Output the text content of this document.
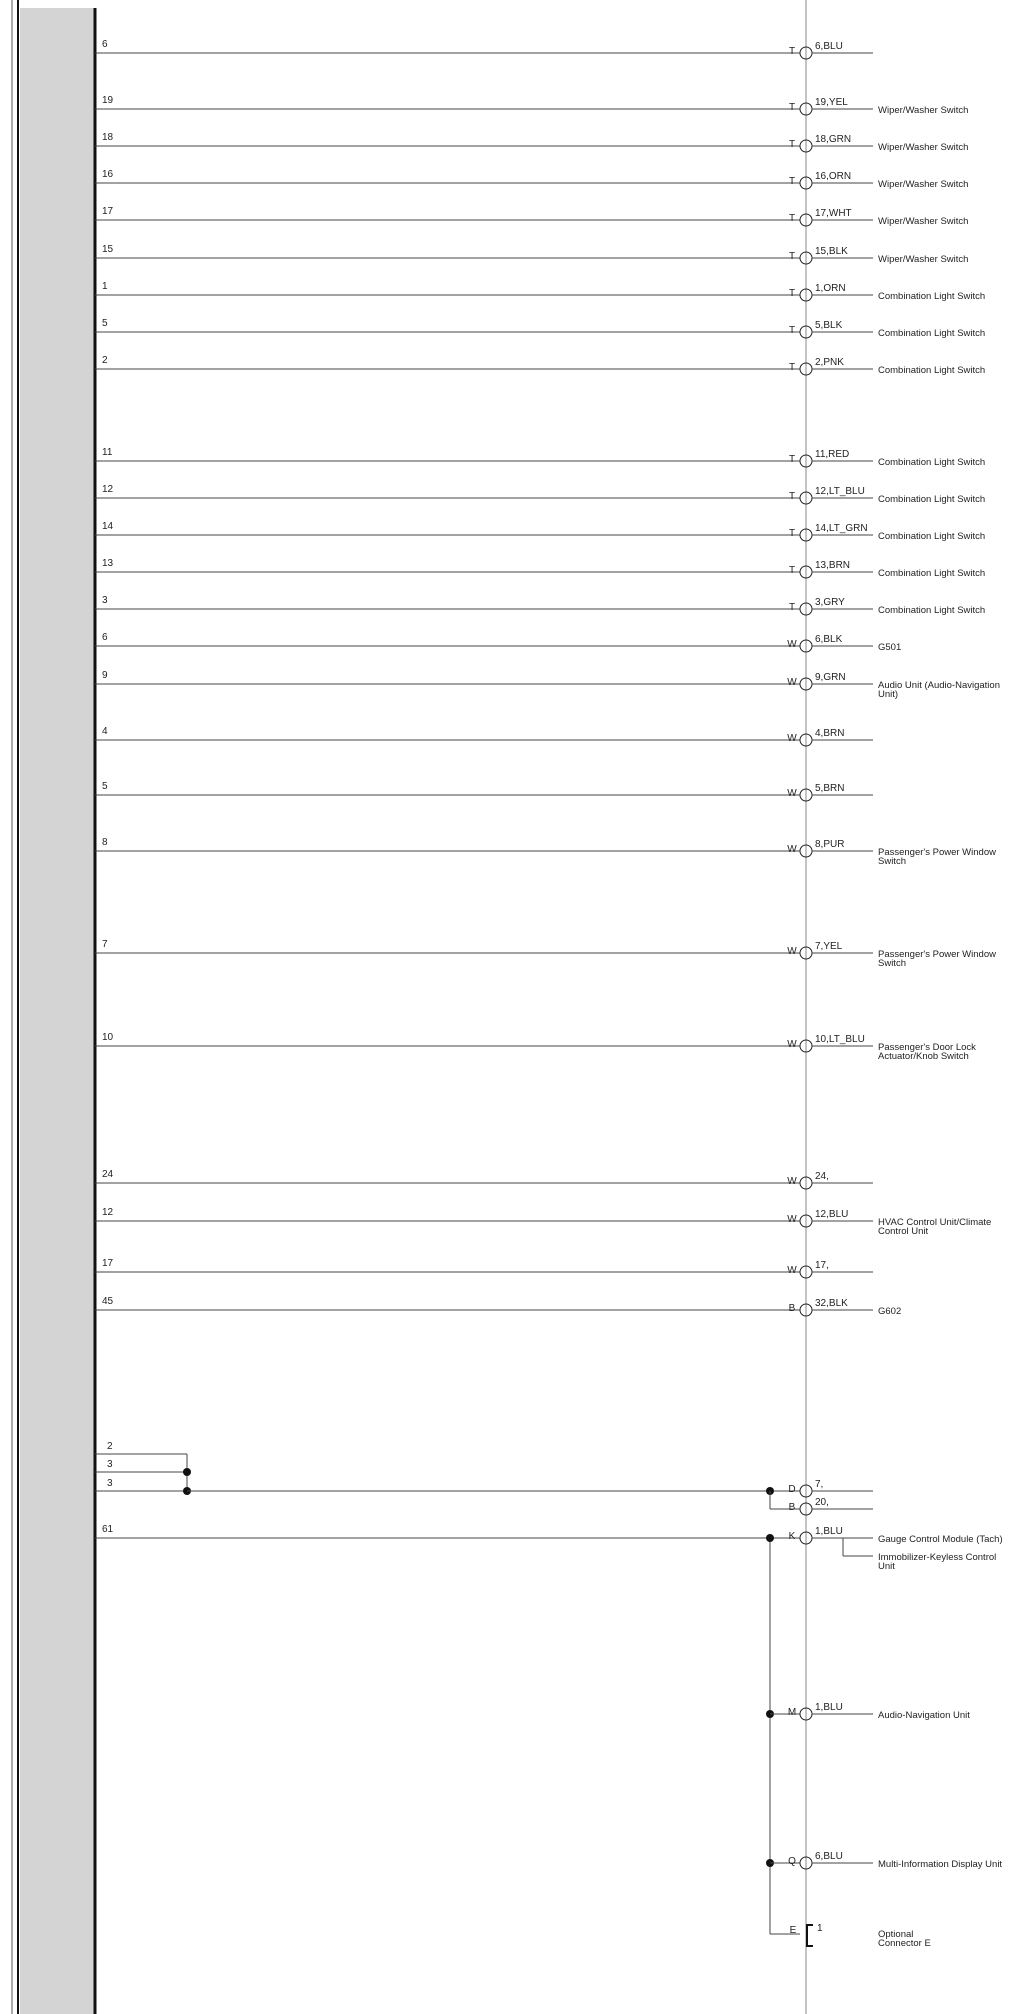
6
T 6,BLU
19
T 19,YEL
Wiper/Washer Switch
18
T 18,GRN
Wiper/Washer Switch
16
T 16,ORN
Wiper/Washer Switch
17
T 17,WHT
Wiper/Washer Switch
15
T 15,BLK
Wiper/Washer Switch
1
T 1,ORN
Combination Light Switch
5
T 5,BLK
Combination Light Switch
2
T 2,PNK
Combination Light Switch
11
T 11,RED
Combination Light Switch
12
T 12,LT_BLU
Combination Light Switch
14
T 14,LT_GRN
Combination Light Switch
13
T 13,BRN
Combination Light Switch
3
T 3,GRY
Combination Light Switch
6
W 6,BLK
G501
9
W 9,GRN
Audio Unit (Audio-Navigation
Unit)
4
W 4,BRN
5
W 5,BRN
8
W 8,PUR
Passenger's Power Window
Switch
7
W 7,YEL
Passenger's Power Window
Switch
10
W 10,LT_BLU
Passenger's Door Lock
Actuator/Knob Switch
24
W 24,
12
W 12,BLU
HVAC Control Unit/Climate
Control Unit
17
W 17,
45
B 32,BLK
G602
2
3
3
D 7,
B 20,
61
K 1,BLU
Gauge Control Module (Tach)
M 1,BLU
Audio-Navigation Unit
Q 6,BLU
Multi-Information Display Unit
Immobilizer-Keyless Control
Unit
E 1
Optional
Connector E
